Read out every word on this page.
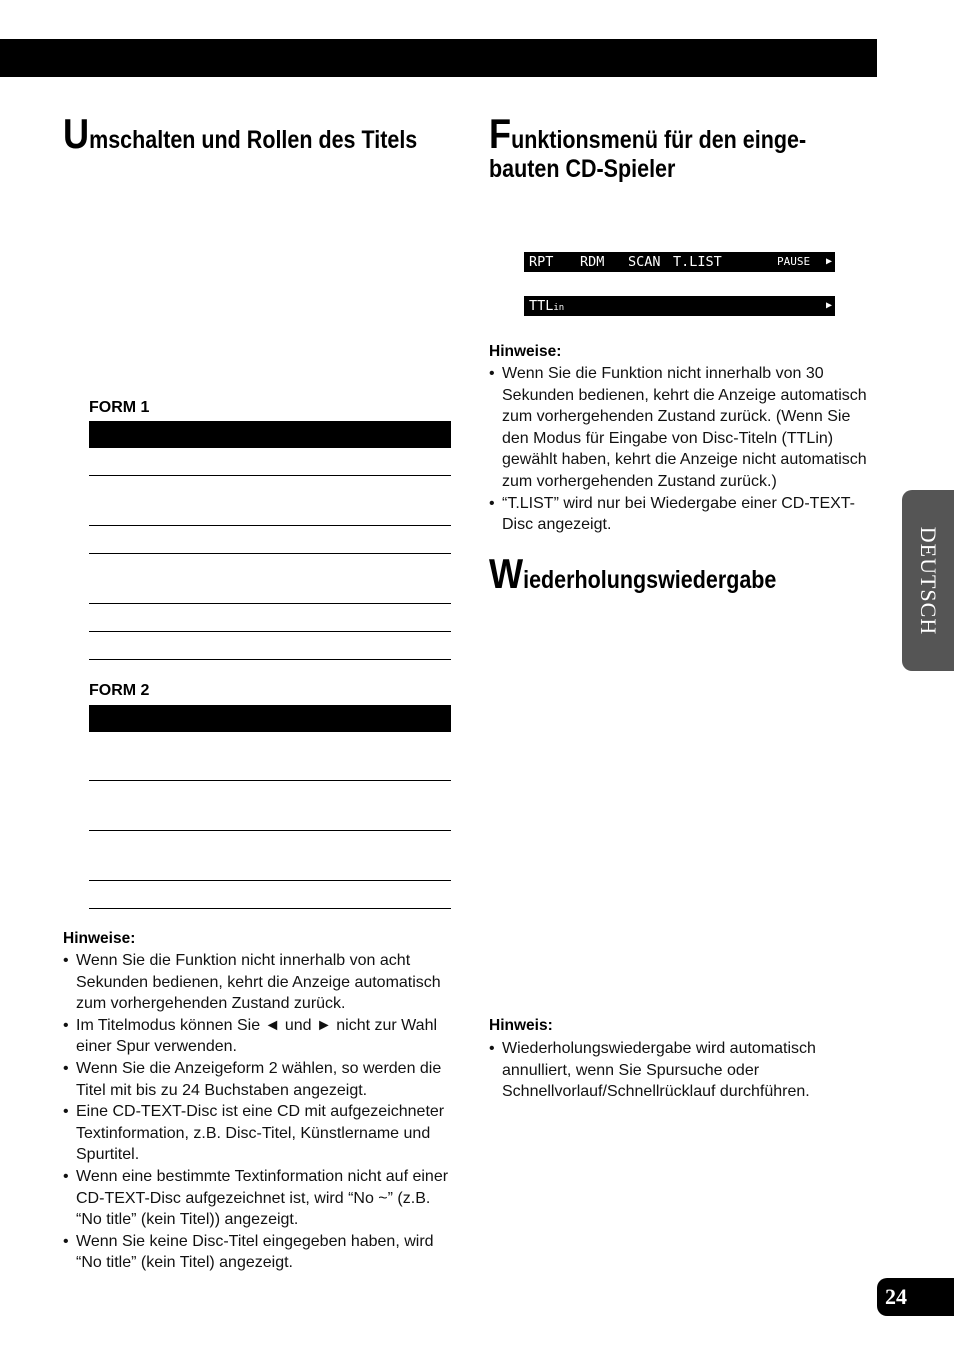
Umschalten und Rollen des Titels
FORM 1
FORM 2
Hinweise:
• Wenn Sie die Funktion nicht innerhalb von acht Sekunden bedienen, kehrt die Anzeige automatisch zum vorhergehenden Zustand zurück.
• Im Titelmodus können Sie ◄ und ► nicht zur Wahl einer Spur verwenden.
• Wenn Sie die Anzeigeform 2 wählen, so werden die Titel mit bis zu 24 Buchstaben angezeigt.
• Eine CD-TEXT-Disc ist eine CD mit aufgezeichneter Textinformation, z.B. Disc-Titel, Künstlername und Spurtitel.
• Wenn eine bestimmte Textinformation nicht auf einer CD-TEXT-Disc aufgezeichnet ist, wird “No ~” (z.B. “No title” (kein Titel)) angezeigt.
• Wenn Sie keine Disc-Titel eingegeben haben, wird “No title” (kein Titel) angezeigt.
Funktionsmenü für den einge-
bauten CD-Spieler
RPT RDM SCAN T.LIST	PAUSE ▶
TTLin	▶
Hinweise:
• Wenn Sie die Funktion nicht innerhalb von 30 Sekunden bedienen, kehrt die Anzeige automatisch zum vorhergehenden Zustand zurück. (Wenn Sie den Modus für Eingabe von Disc-Titeln (TTLin) gewählt haben, kehrt die Anzeige nicht automatisch zum vorhergehenden Zustand zurück.)
• “T.LIST” wird nur bei Wiedergabe einer CD-TEXT-Disc angezeigt.
Wiederholungswiedergabe
Hinweis:
• Wiederholungswiedergabe wird automatisch annulliert, wenn Sie Spursuche oder Schnellvorlauf/Schnellrücklauf durchführen.
DEUTSCH
24
